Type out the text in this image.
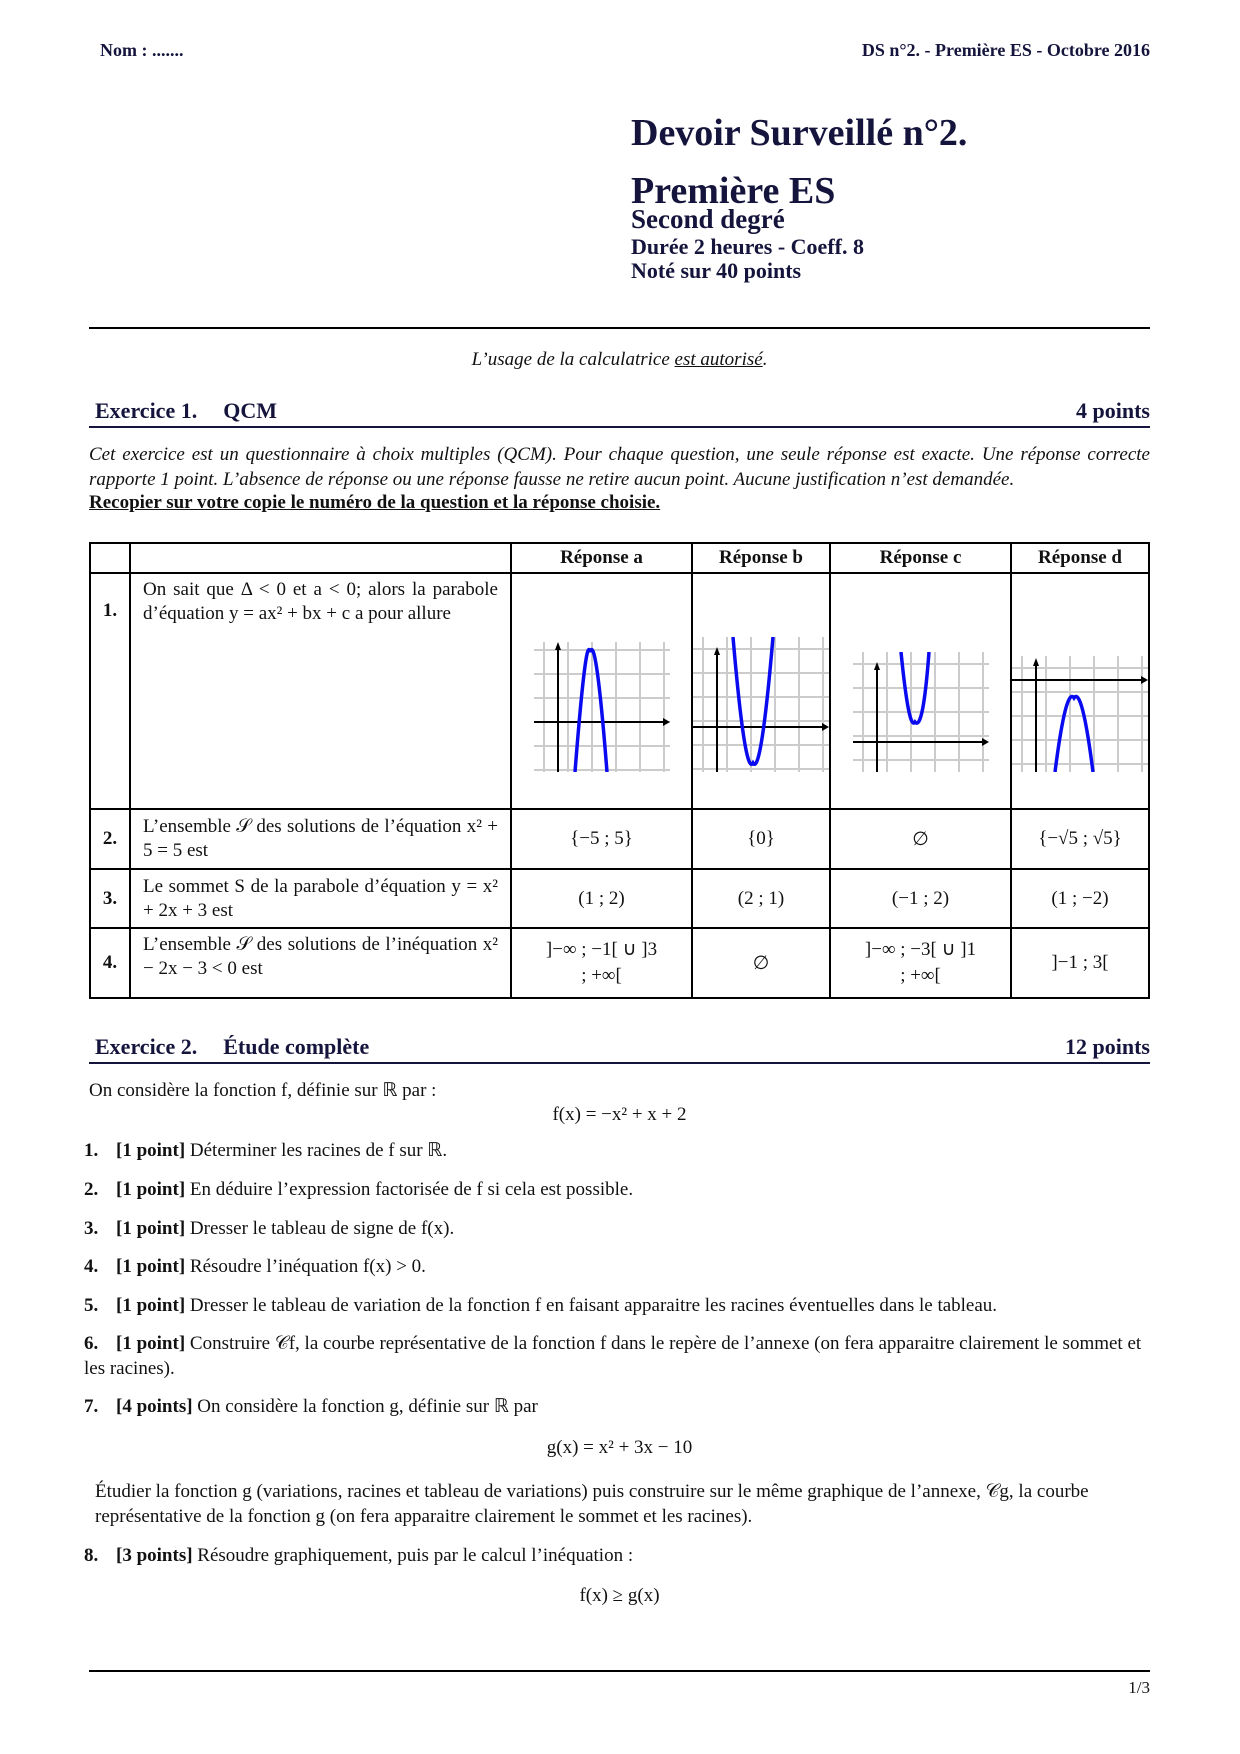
Nom : .......	DS n°2. - Première ES - Octobre 2016
Devoir Surveillé n°2.
Première ES
Second degré
Durée 2 heures - Coeff. 8
Noté sur 40 points
L’usage de la calculatrice est autorisé.
Exercice 1. QCM	4 points
Cet exercice est un questionnaire à choix multiples (QCM). Pour chaque question, une seule réponse est exacte. Une réponse correcte rapporte 1 point. L’absence de réponse ou une réponse fausse ne retire aucun point. Aucune justification n’est demandée.
Recopier sur votre copie le numéro de la question et la réponse choisie.
		Réponse a	Réponse b	Réponse c	Réponse d
1.	On sait que Δ < 0 et a < 0; alors la parabole d’équation y = ax² + bx + c a pour allure	

2.	L’ensemble 𝒮 des solutions de l’équation x² + 5 = 5 est	{−5 ; 5}	{0}	∅	{−√5 ; √5}
3.	Le sommet S de la parabole d’équation y = x² + 2x + 3 est	(1 ; 2)	(2 ; 1)	(−1 ; 2)	(1 ; −2)
4.	L’ensemble 𝒮 des solutions de l’inéquation x² − 2x − 3 < 0 est	]−∞ ; −1[ ∪ ]3 ; +∞[	∅	]−∞ ; −3[ ∪ ]1 ; +∞[	]−1 ; 3[
Exercice 2. Étude complète	12 points
On considère la fonction f, définie sur ℝ par :
f(x) = −x² + x + 2
1. [1 point] Déterminer les racines de f sur ℝ.
2. [1 point] En déduire l’expression factorisée de f si cela est possible.
3. [1 point] Dresser le tableau de signe de f(x).
4. [1 point] Résoudre l’inéquation f(x) > 0.
5. [1 point] Dresser le tableau de variation de la fonction f en faisant apparaitre les racines éventuelles dans le tableau.
6. [1 point] Construire 𝒞f, la courbe représentative de la fonction f dans le repère de l’annexe (on fera apparaitre clairement le sommet et les racines).
7. [4 points] On considère la fonction g, définie sur ℝ par
g(x) = x² + 3x − 10
Étudier la fonction g (variations, racines et tableau de variations) puis construire sur le même graphique de l’annexe, 𝒞g, la courbe représentative de la fonction g (on fera apparaitre clairement le sommet et les racines).
8. [3 points] Résoudre graphiquement, puis par le calcul l’inéquation :
f(x) ≥ g(x)
1/3
